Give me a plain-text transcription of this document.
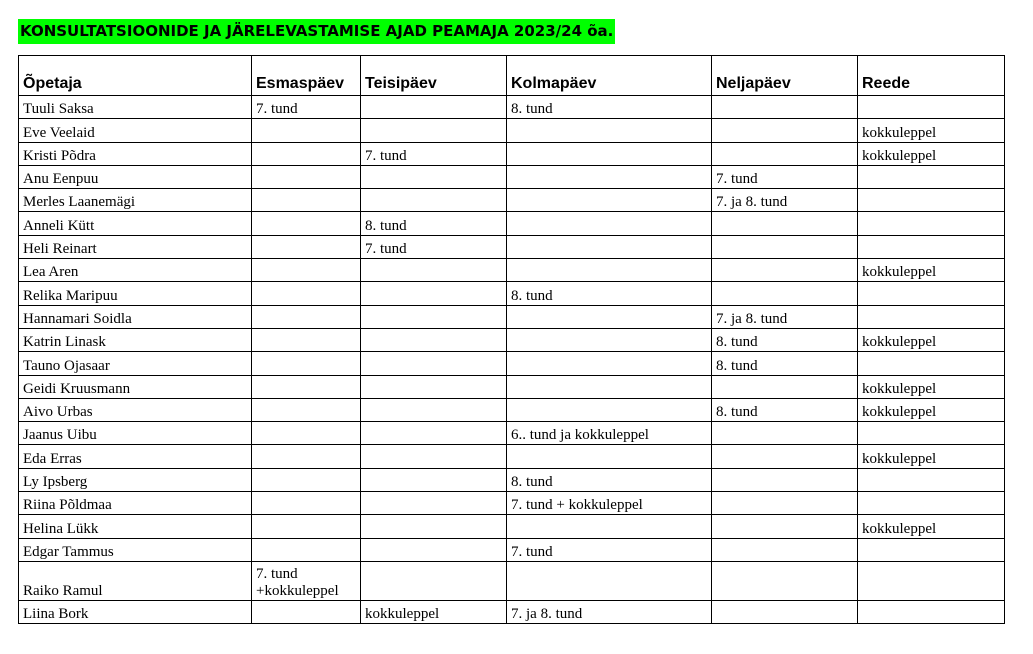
KONSULTATSIOONIDE JA JÄRELEVASTAMISE AJAD PEAMAJA 2023/24 õa.
Õpetaja	Esmaspäev	Teisipäev	Kolmapäev	Neljapäev	Reede

Tuuli Saksa	7. tund		8. tund		

Eve Veelaid					kokkuleppel

Kristi Põdra		7. tund			kokkuleppel

Anu Eenpuu				7. tund	

Merles Laanemägi				7. ja 8. tund	

Anneli Kütt		8. tund			

Heli Reinart		7. tund			

Lea Aren					kokkuleppel

Relika Maripuu			8. tund		

Hannamari Soidla				7. ja 8. tund	

Katrin Linask				8. tund	kokkuleppel

Tauno Ojasaar				8. tund	

Geidi Kruusmann					kokkuleppel

Aivo Urbas				8. tund	kokkuleppel

Jaanus Uibu			6.. tund ja kokkuleppel		

Eda Erras					kokkuleppel

Ly Ipsberg			8. tund		

Riina Põldmaa			7. tund + kokkuleppel		

Helina Lükk					kokkuleppel

Edgar Tammus			7. tund		

Raiko Ramul	7. tund
+kokkuleppel				

Liina Bork		kokkuleppel	7. ja 8. tund		
